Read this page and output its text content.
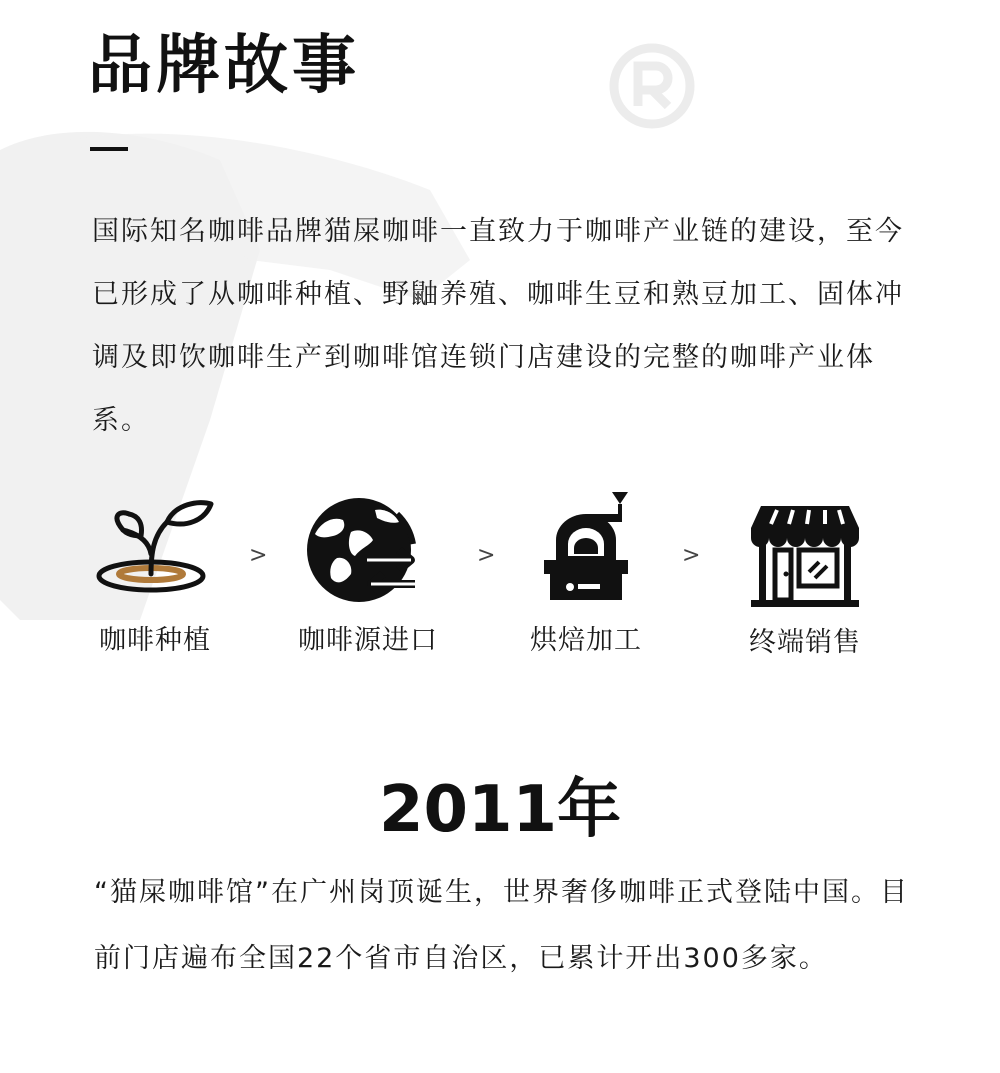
品牌故事

国际知名咖啡品牌猫屎咖啡一直致力于咖啡产业链的建设，至今已形成了从咖啡种植、野鼬养殖、咖啡生豆和熟豆加工、固体冲调及即饮咖啡生产到咖啡馆连锁门店建设的完整的咖啡产业体系。

咖啡种植
>
咖啡源进口
>
烘焙加工
>
终端销售
2011年

“猫屎咖啡馆”在广州岗顶诞生，世界奢侈咖啡正式登陆中国。目前门店遍布全国22个省市自治区，已累计开出300多家。
